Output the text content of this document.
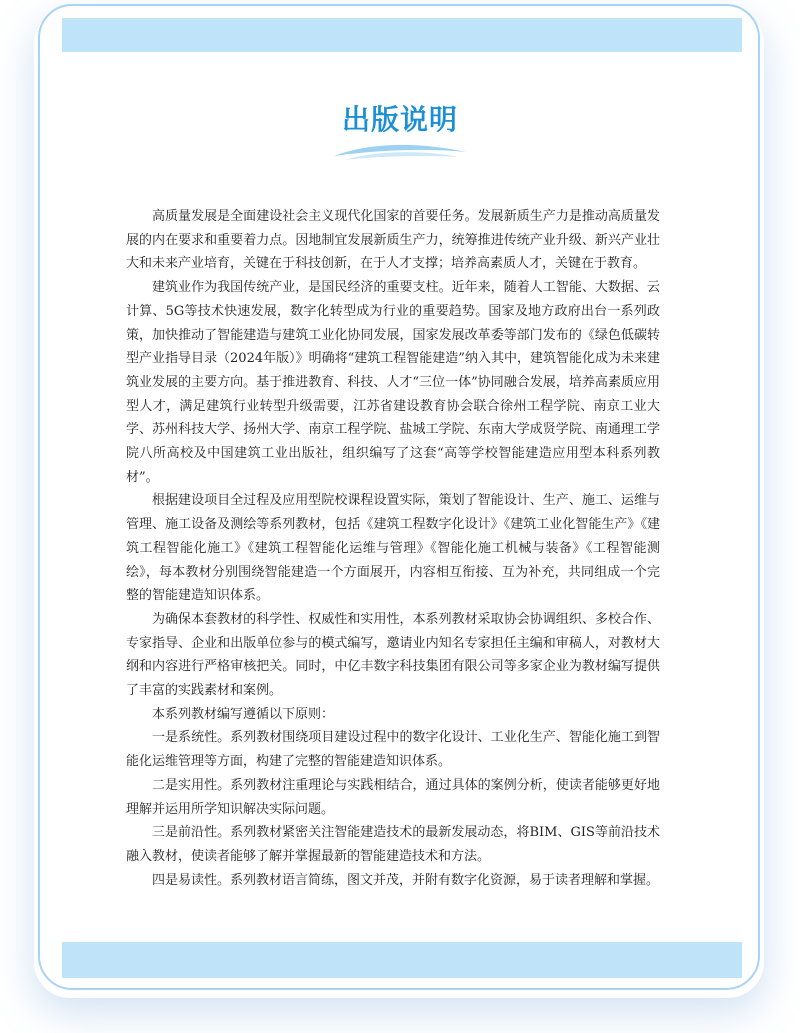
出版说明

高质量发展是全面建设社会主义现代化国家的首要任务。发展新质生产力是推动高质量发展的内在要求和重要着力点。因地制宜发展新质生产力，统筹推进传统产业升级、新兴产业壮大和未来产业培育，关键在于科技创新，在于人才支撑；培养高素质人才，关键在于教育。

建筑业作为我国传统产业，是国民经济的重要支柱。近年来，随着人工智能、大数据、云计算、5G等技术快速发展，数字化转型成为行业的重要趋势。国家及地方政府出台一系列政策，加快推动了智能建造与建筑工业化协同发展，国家发展改革委等部门发布的《绿色低碳转型产业指导目录（2024年版）》明确将“建筑工程智能建造”纳入其中，建筑智能化成为未来建筑业发展的主要方向。基于推进教育、科技、人才“三位一体”协同融合发展，培养高素质应用型人才，满足建筑行业转型升级需要，江苏省建设教育协会联合徐州工程学院、南京工业大学、苏州科技大学、扬州大学、南京工程学院、盐城工学院、东南大学成贤学院、南通理工学院八所高校及中国建筑工业出版社，组织编写了这套“高等学校智能建造应用型本科系列教材”。

根据建设项目全过程及应用型院校课程设置实际，策划了智能设计、生产、施工、运维与管理、施工设备及测绘等系列教材，包括《建筑工程数字化设计》《建筑工业化智能生产》《建筑工程智能化施工》《建筑工程智能化运维与管理》《智能化施工机械与装备》《工程智能测绘》，每本教材分别围绕智能建造一个方面展开，内容相互衔接、互为补充，共同组成一个完整的智能建造知识体系。

为确保本套教材的科学性、权威性和实用性，本系列教材采取协会协调组织、多校合作、专家指导、企业和出版单位参与的模式编写，邀请业内知名专家担任主编和审稿人，对教材大纲和内容进行严格审核把关。同时，中亿丰数字科技集团有限公司等多家企业为教材编写提供了丰富的实践素材和案例。

本系列教材编写遵循以下原则：

一是系统性。系列教材围绕项目建设过程中的数字化设计、工业化生产、智能化施工到智能化运维管理等方面，构建了完整的智能建造知识体系。

二是实用性。系列教材注重理论与实践相结合，通过具体的案例分析，使读者能够更好地理解并运用所学知识解决实际问题。

三是前沿性。系列教材紧密关注智能建造技术的最新发展动态，将BIM、GIS等前沿技术融入教材，使读者能够了解并掌握最新的智能建造技术和方法。

四是易读性。系列教材语言简练，图文并茂，并附有数字化资源，易于读者理解和掌握。
